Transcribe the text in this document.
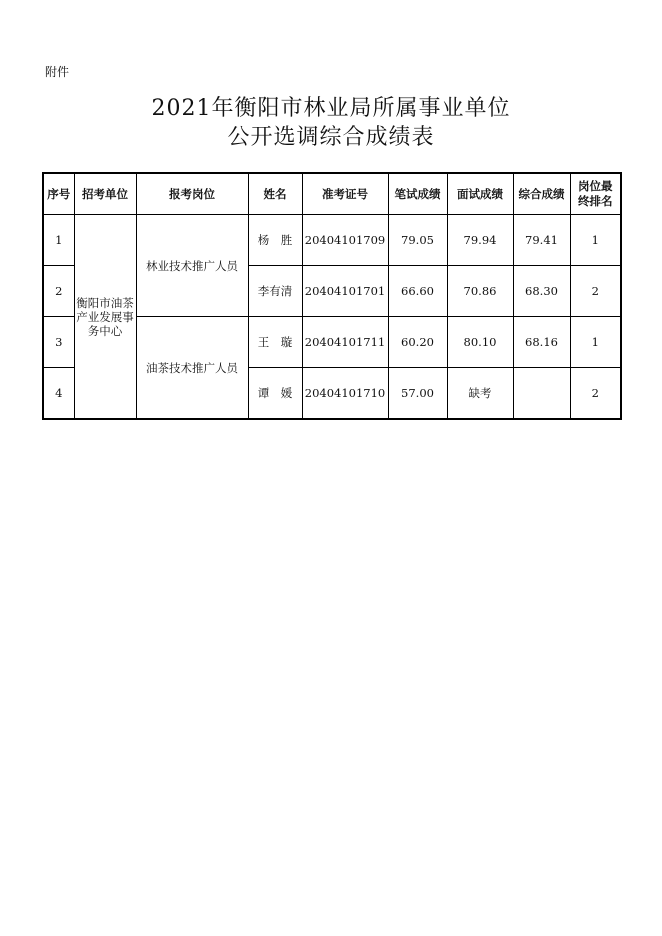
附件
2021年衡阳市林业局所属事业单位
公开选调综合成绩表
序号	招考单位	报考岗位	姓名	准考证号	笔试成绩	面试成绩	综合成绩	岗位最终排名
1	衡阳市油茶产业发展事务中心	林业技术推广人员	杨　胜	20404101709	79.05	79.94	79.41	1
2			李有清	20404101701	66.60	70.86	68.30	2
3		油茶技术推广人员	王　璇	20404101711	60.20	80.10	68.16	1
4			谭　媛	20404101710	57.00	缺考		2
